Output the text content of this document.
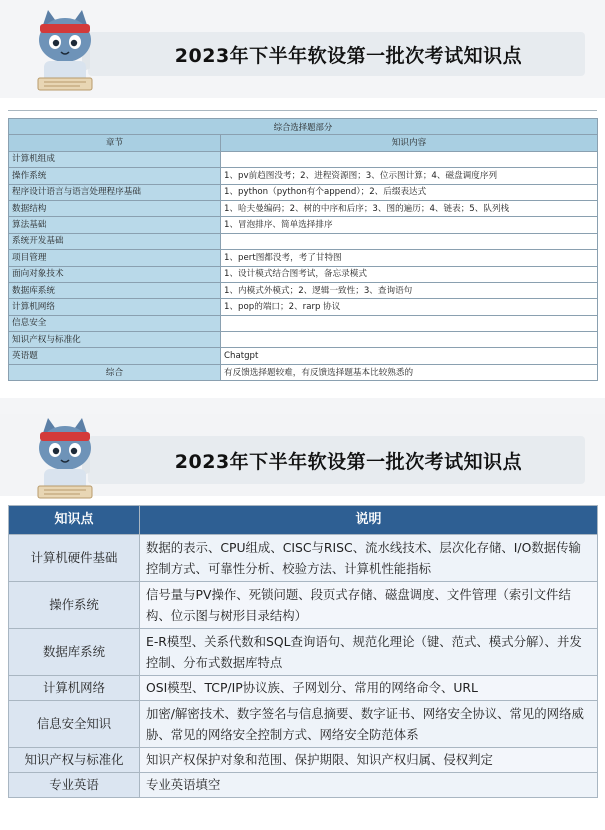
2023年下半年软设第一批次考试知识点
综合选择题部分	
章节	知识内容
计算机组成	
操作系统	1、pv前趋图没考；2、进程资源图；3、位示图计算；4、磁盘调度序列
程序设计语言与语言处理程序基础	1、python（python有个append）；2、后缀表达式
数据结构	1、哈夫曼编码；2、树的中序和后序；3、图的遍历；4、链表；5、队列栈
算法基础	1、冒泡排序、简单选择排序
系统开发基础	
项目管理	1、pert图都没考，考了甘特图
面向对象技术	1、设计模式结合图考试，备忘录模式
数据库系统	1、内模式外模式；2、逻辑一致性；3、查询语句
计算机网络	1、pop的端口；2、rarp 协议
信息安全	
知识产权与标准化	
英语题	Chatgpt
综合	有反馈选择题较难，有反馈选择题基本比较熟悉的
2023年下半年软设第一批次考试知识点
知识点	说明
计算机硬件基础	数据的表示、CPU组成、CISC与RISC、流水线技术、层次化存储、I/O数据传输控制方式、可靠性分析、校验方法、计算机性能指标
操作系统	信号量与PV操作、死锁问题、段页式存储、磁盘调度、文件管理（索引文件结构、位示图与树形目录结构）
数据库系统	E-R模型、关系代数和SQL查询语句、规范化理论（键、范式、模式分解）、并发控制、分布式数据库特点
计算机网络	OSI模型、TCP/IP协议族、子网划分、常用的网络命令、URL
信息安全知识	加密/解密技术、数字签名与信息摘要、数字证书、网络安全协议、常见的网络威胁、常见的网络安全控制方式、网络安全防范体系
知识产权与标准化	知识产权保护对象和范围、保护期限、知识产权归属、侵权判定
专业英语	专业英语填空
